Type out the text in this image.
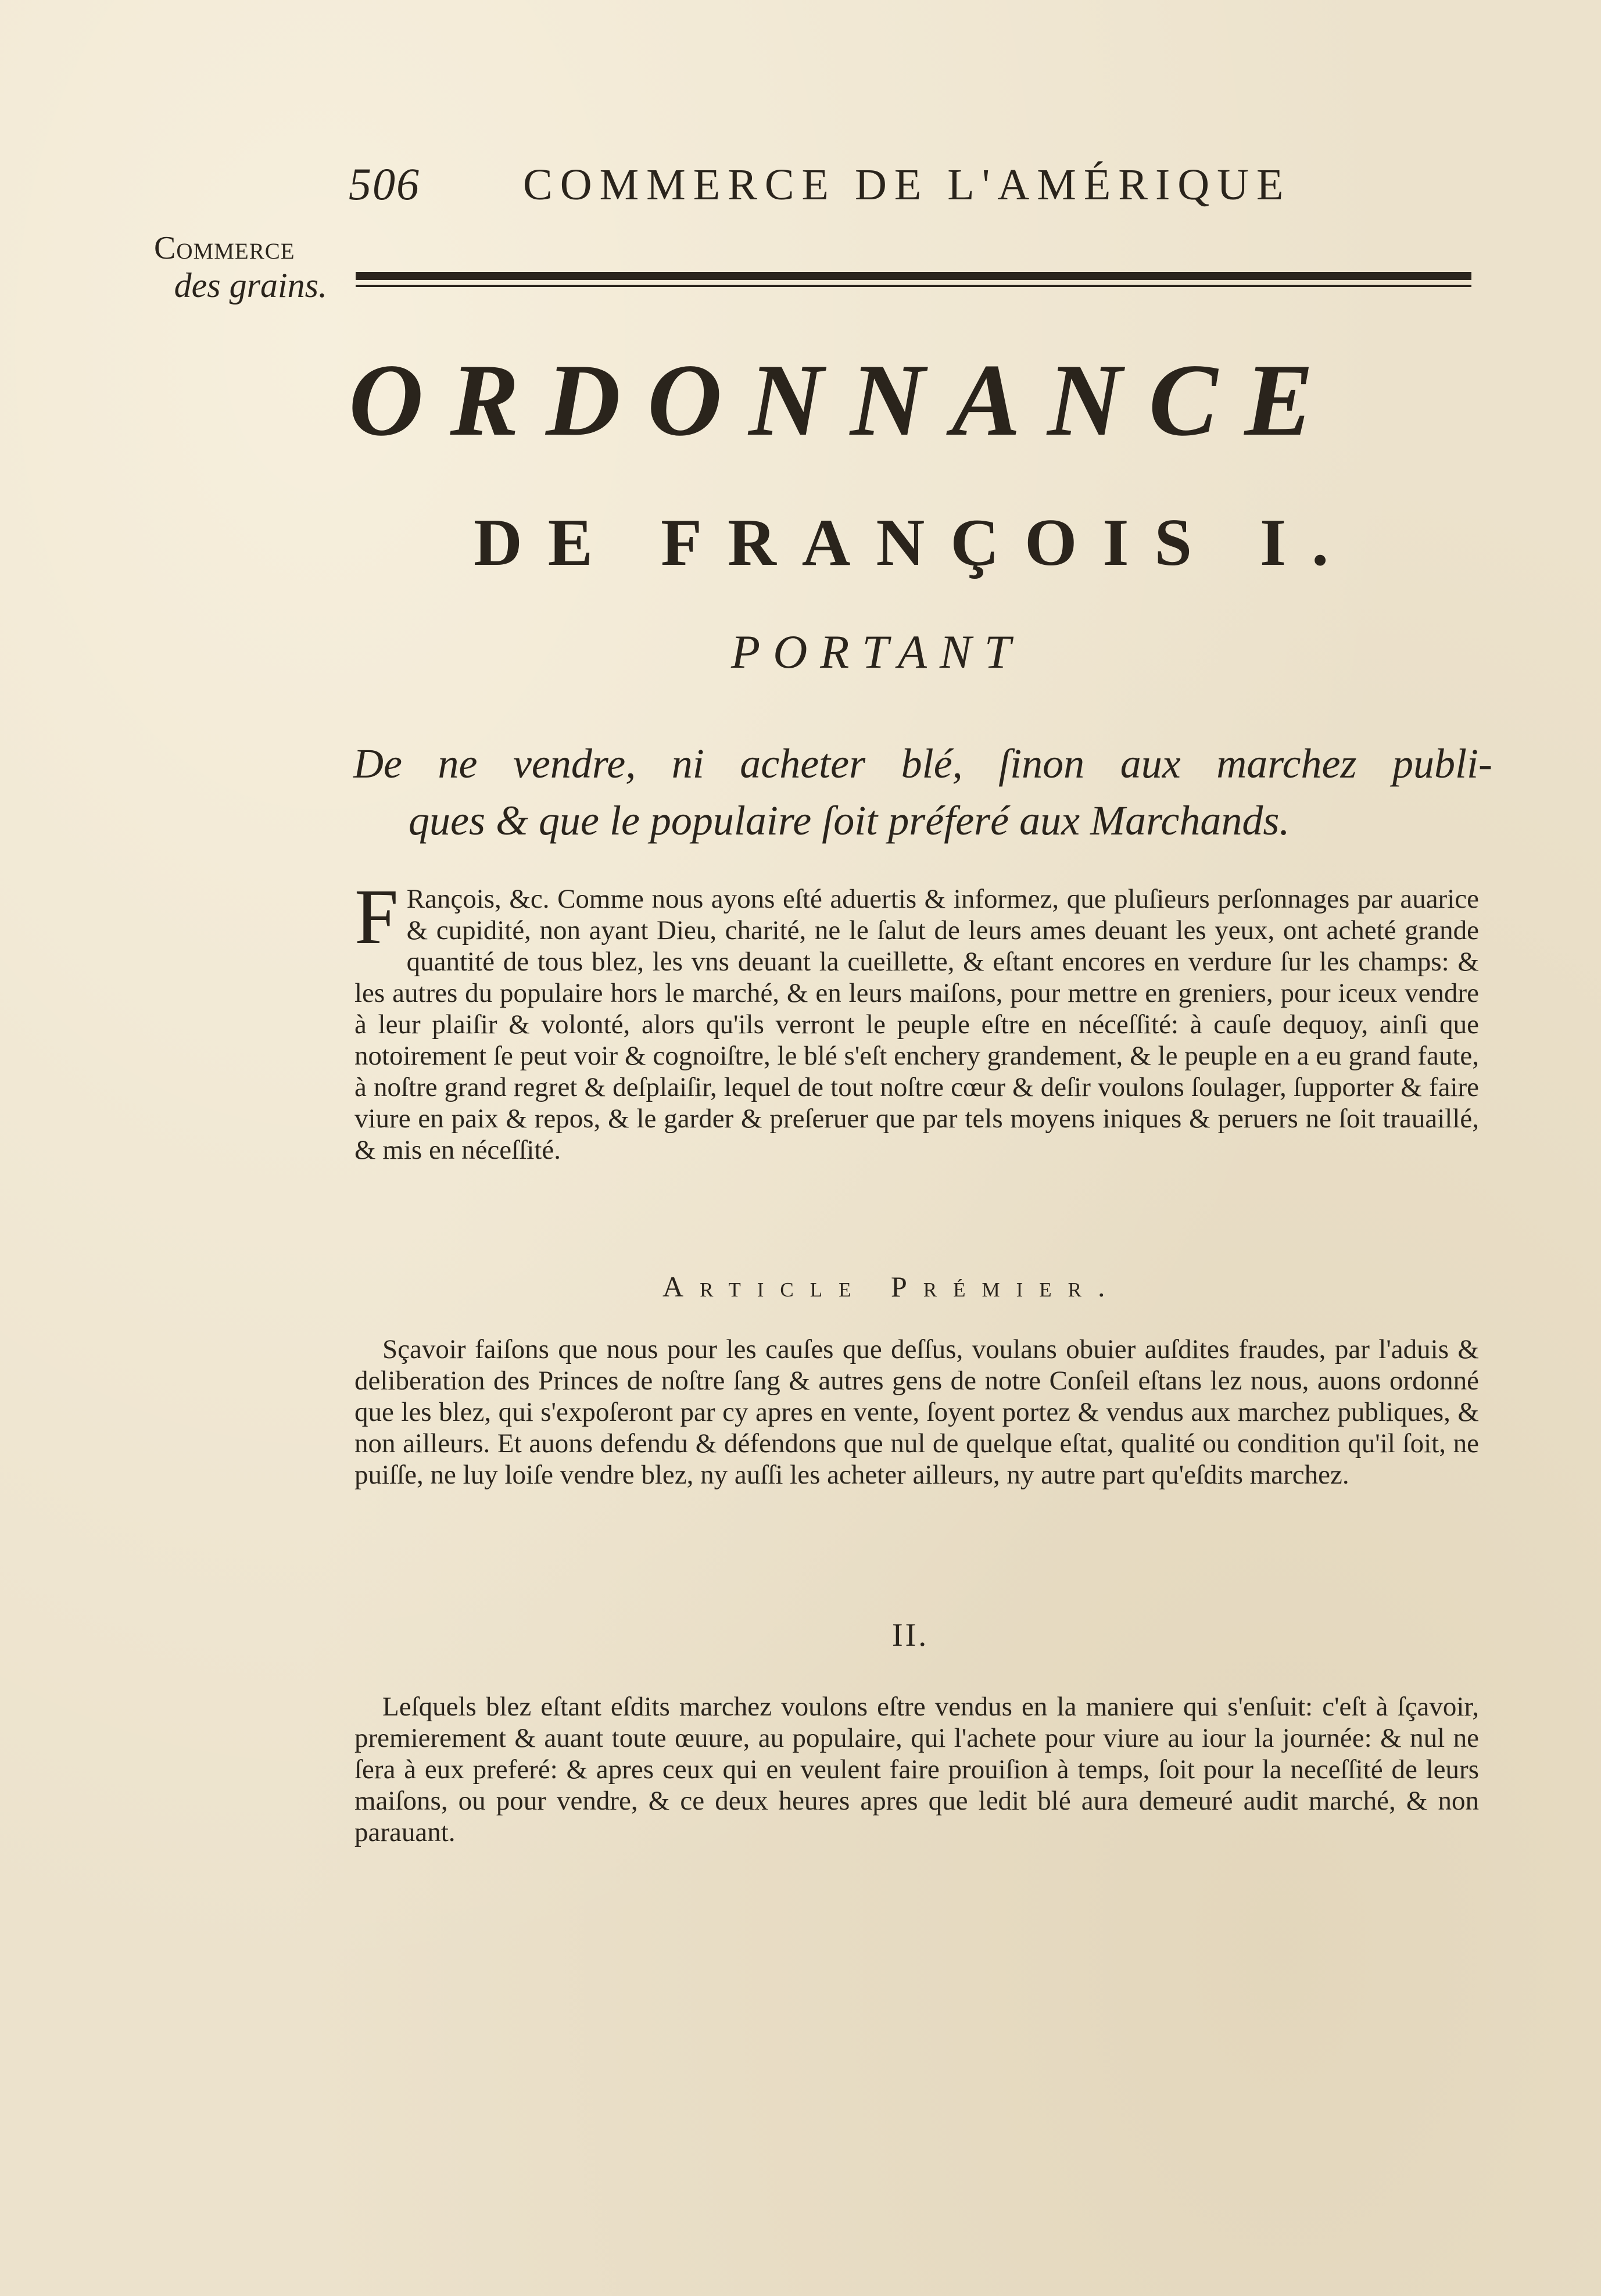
506 COMMERCE DE L'AMÉRIQUE
Commerce
des grains.
ORDONNANCE
DE FRANÇOIS I.
PORTANT
De ne vendre, ni acheter blé, ſinon aux marchez publi-
ques & que le populaire ſoit préferé aux Marchands.
F Rançois, &c. Comme nous ayons eſté aduertis & informez, que pluſieurs perſonnages par auarice & cupidité, non ayant Dieu, charité, ne le ſalut de leurs ames deuant les yeux, ont acheté grande quantité de tous blez, les vns deuant la cueillette, & eſtant encores en verdure ſur les champs: & les autres du populaire hors le marché, & en leurs maiſons, pour mettre en greniers, pour iceux vendre à leur plaiſir & volonté, alors qu'ils verront le peuple eſtre en néceſſité: à cauſe dequoy, ainſi que notoirement ſe peut voir & cognoiſtre, le blé s'eſt enchery grandement, & le peuple en a eu grand faute, à noſtre grand regret & deſplaiſir, lequel de tout noſtre cœur & deſir voulons ſoulager, ſupporter & faire viure en paix & repos, & le garder & preſeruer que par tels moyens iniques & peruers ne ſoit trauaillé, & mis en néceſſité.
Article Prémier.
Sçavoir faiſons que nous pour les cauſes que deſſus, voulans obuier auſdites fraudes, par l'aduis & deliberation des Princes de noſtre ſang & autres gens de notre Conſeil eſtans lez nous, auons ordonné que les blez, qui s'expoſeront par cy apres en vente, ſoyent portez & vendus aux marchez publiques, & non ailleurs. Et auons defendu & défendons que nul de quelque eſtat, qualité ou condition qu'il ſoit, ne puiſſe, ne luy loiſe vendre blez, ny auſſi les acheter ailleurs, ny autre part qu'eſdits marchez.
II.
Leſquels blez eſtant eſdits marchez voulons eſtre vendus en la maniere qui s'enſuit: c'eſt à ſçavoir, premierement & auant toute œuure, au populaire, qui l'achete pour viure au iour la journée: & nul ne ſera à eux preferé: & apres ceux qui en veulent faire prouiſion à temps, ſoit pour la neceſſité de leurs maiſons, ou pour vendre, & ce deux heures apres que ledit blé aura demeuré audit marché, & non parauant.
